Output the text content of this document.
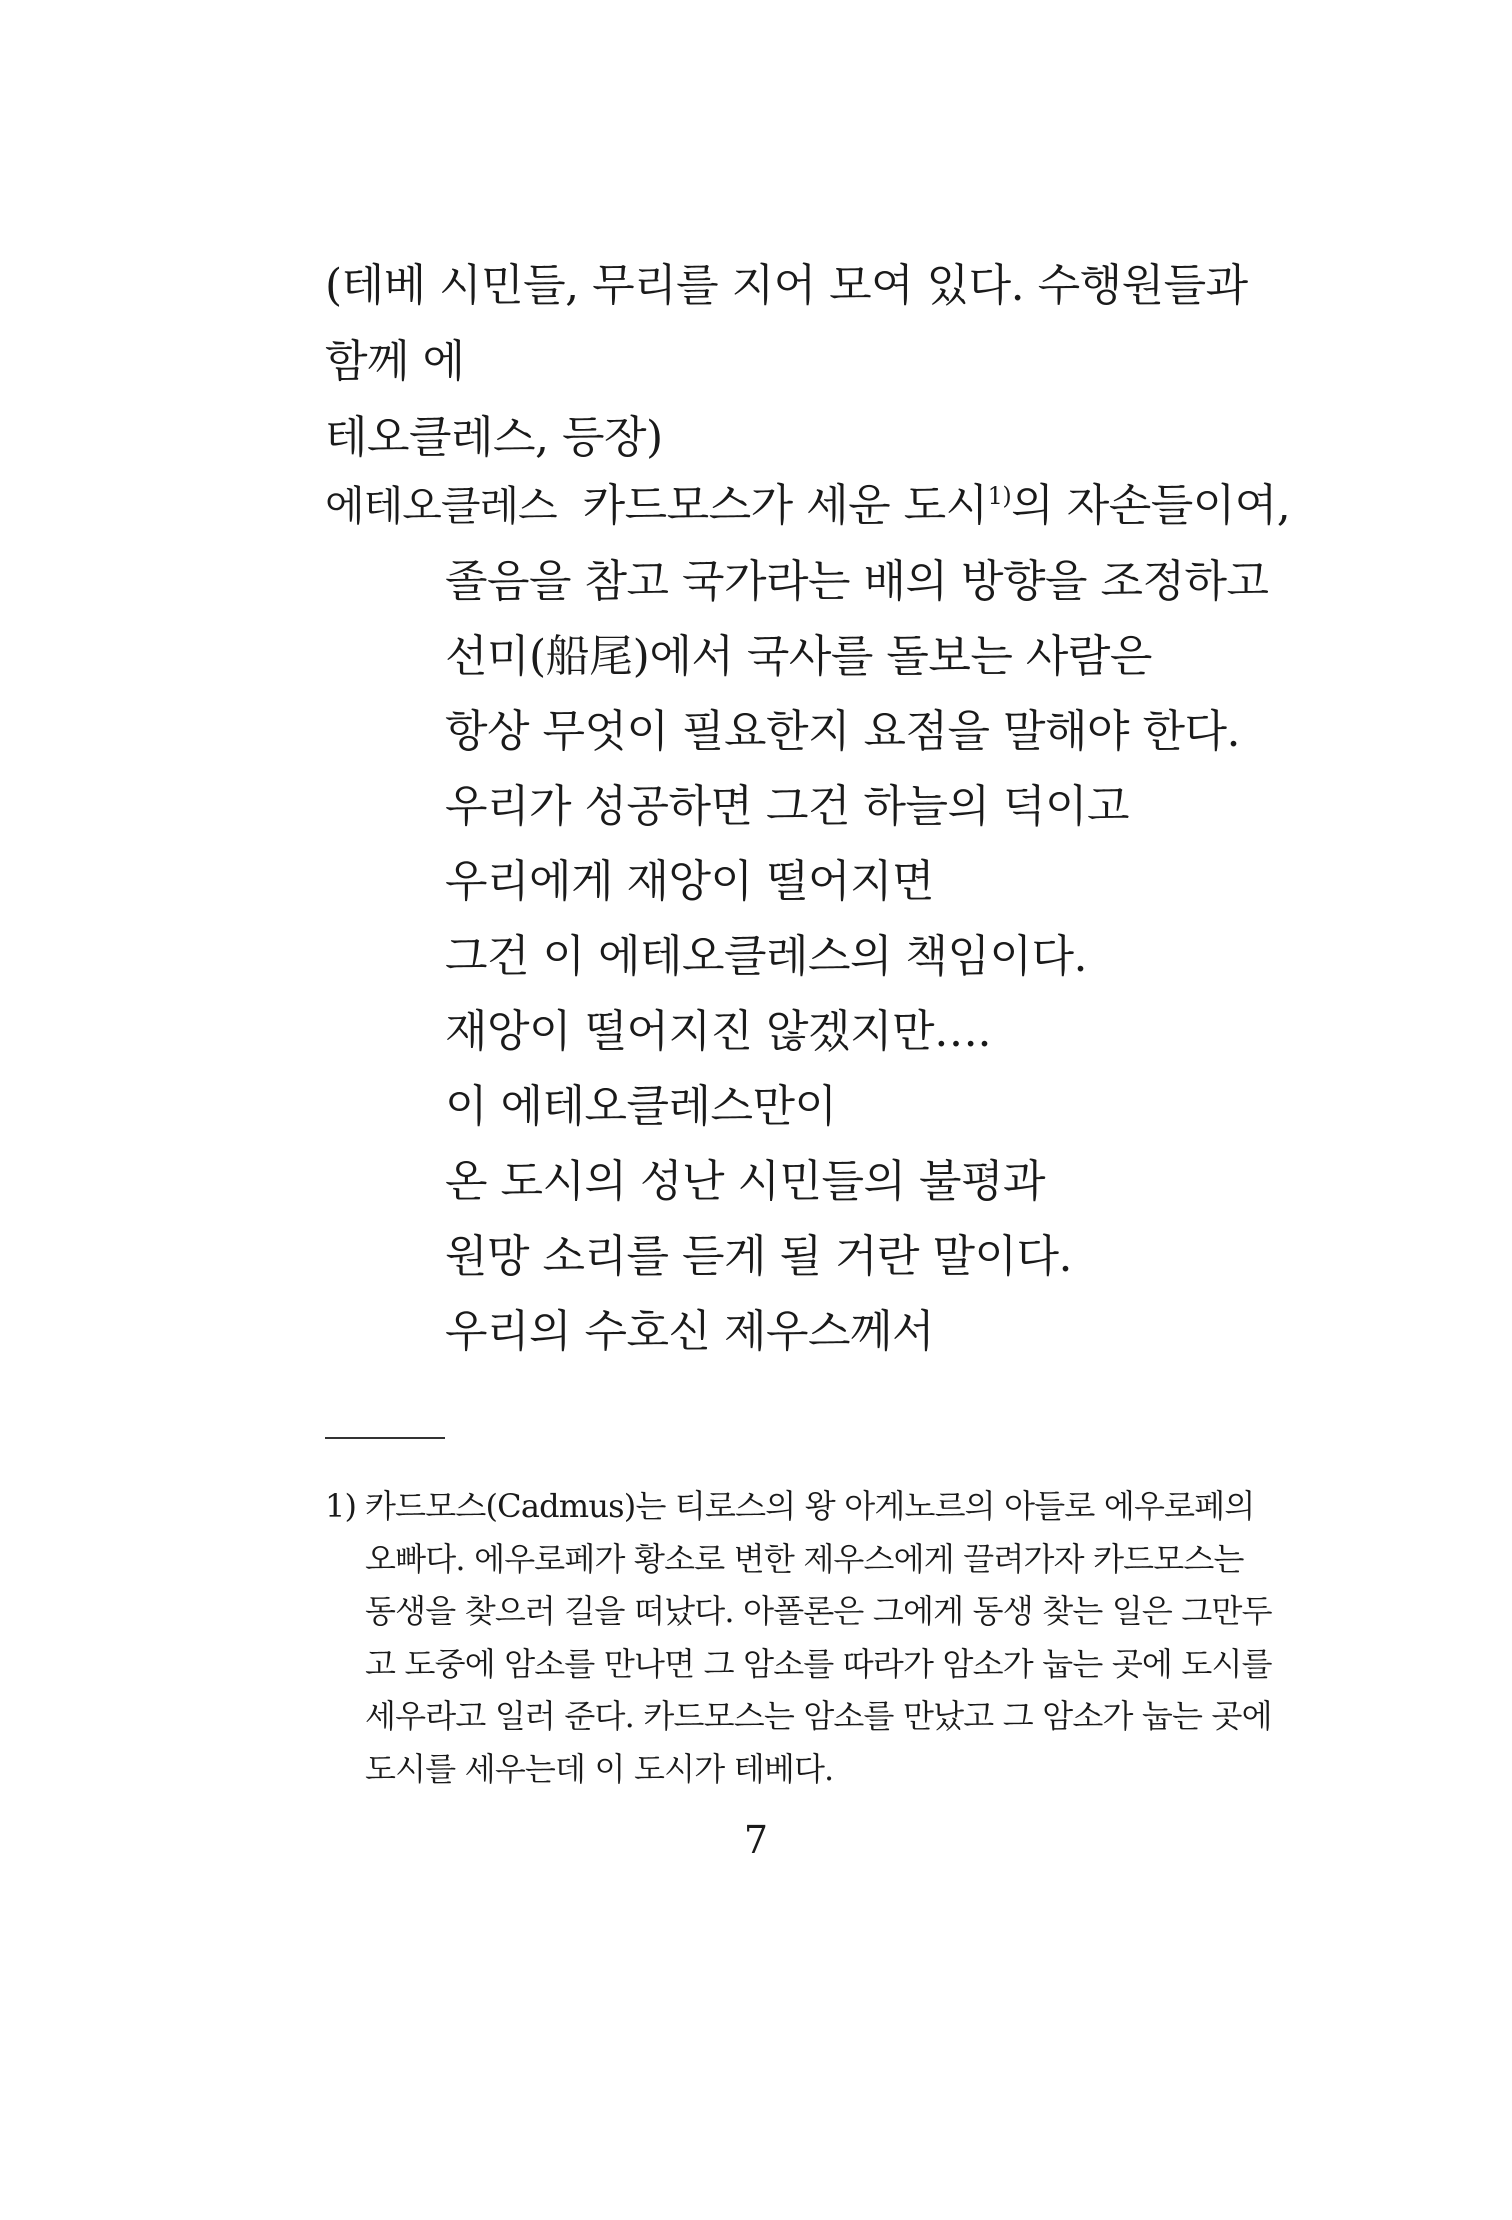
(테베 시민들, 무리를 지어 모여 있다. 수행원들과 함께 에

테오클레스, 등장)

에테오클레스 카드모스가 세운 도시$^{1)}$의 자손들이여,
졸음을 참고 국가라는 배의 방향을 조정하고
선미(船尾)에서 국사를 돌보는 사람은
항상 무엇이 필요한지 요점을 말해야 한다.
우리가 성공하면 그건 하늘의 덕이고
우리에게 재앙이 떨어지면
그건 이 에테오클레스의 책임이다.
재앙이 떨어지진 않겠지만….
이 에테오클레스만이
온 도시의 성난 시민들의 불평과
원망 소리를 듣게 될 거란 말이다.
우리의 수호신 제우스께서
1) 카드모스(Cadmus)는 티로스의 왕 아게노르의 아들로 에우로페의
오빠다. 에우로페가 황소로 변한 제우스에게 끌려가자 카드모스는
동생을 찾으러 길을 떠났다. 아폴론은 그에게 동생 찾는 일은 그만두
고 도중에 암소를 만나면 그 암소를 따라가 암소가 눕는 곳에 도시를
세우라고 일러 준다. 카드모스는 암소를 만났고 그 암소가 눕는 곳에
도시를 세우는데 이 도시가 테베다.
7
